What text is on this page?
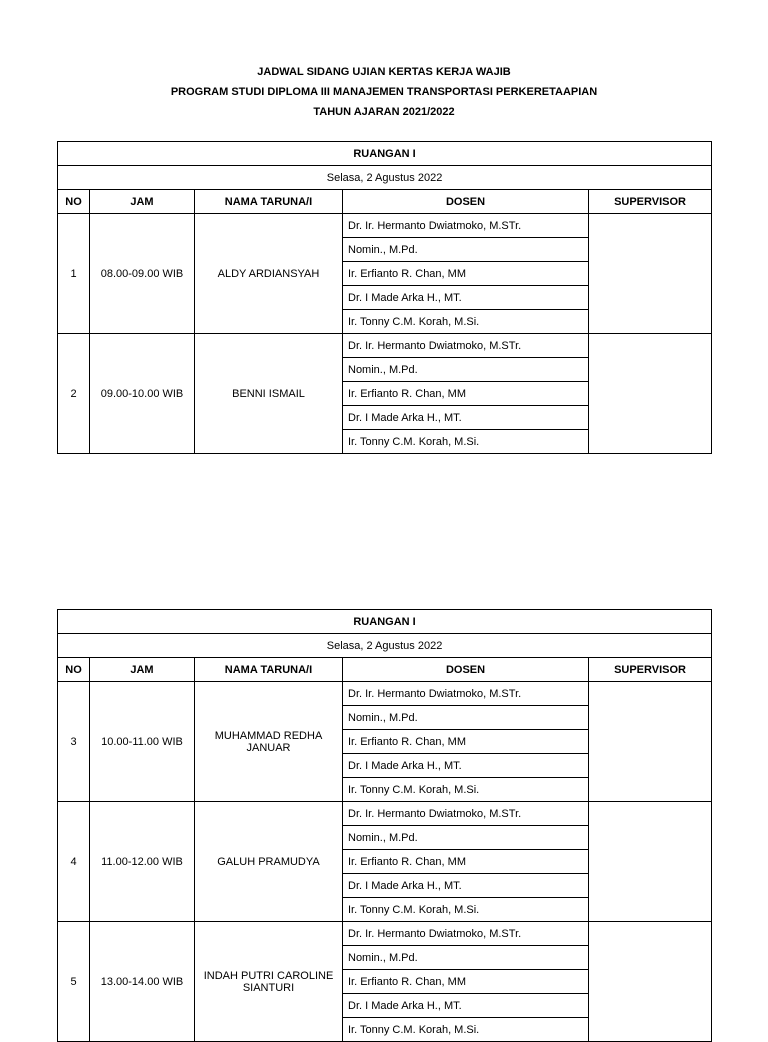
JADWAL SIDANG UJIAN KERTAS KERJA WAJIB
PROGRAM STUDI DIPLOMA III MANAJEMEN TRANSPORTASI PERKERETAAPIAN
TAHUN AJARAN 2021/2022
RUANGAN I				
Selasa, 2 Agustus 2022				
NO	JAM	NAMA TARUNA/I	DOSEN	SUPERVISOR
1	08.00-09.00 WIB	ALDY ARDIANSYAH	Dr. Ir. Hermanto Dwiatmoko, M.STr.	
			Nomin., M.Pd.	
			Ir. Erfianto R. Chan, MM	
			Dr. I Made Arka H., MT.	
			Ir. Tonny C.M. Korah, M.Si.	
2	09.00-10.00 WIB	BENNI ISMAIL	Dr. Ir. Hermanto Dwiatmoko, M.STr.	
			Nomin., M.Pd.	
			Ir. Erfianto R. Chan, MM	
			Dr. I Made Arka H., MT.	
			Ir. Tonny C.M. Korah, M.Si.	
RUANGAN I				
Selasa, 2 Agustus 2022				
NO	JAM	NAMA TARUNA/I	DOSEN	SUPERVISOR
3	10.00-11.00 WIB	MUHAMMAD REDHA JANUAR	Dr. Ir. Hermanto Dwiatmoko, M.STr.	
			Nomin., M.Pd.	
			Ir. Erfianto R. Chan, MM	
			Dr. I Made Arka H., MT.	
			Ir. Tonny C.M. Korah, M.Si.	
4	11.00-12.00 WIB	GALUH PRAMUDYA	Dr. Ir. Hermanto Dwiatmoko, M.STr.	
			Nomin., M.Pd.	
			Ir. Erfianto R. Chan, MM	
			Dr. I Made Arka H., MT.	
			Ir. Tonny C.M. Korah, M.Si.	
5	13.00-14.00 WIB	INDAH PUTRI CAROLINE SIANTURI	Dr. Ir. Hermanto Dwiatmoko, M.STr.	
			Nomin., M.Pd.	
			Ir. Erfianto R. Chan, MM	
			Dr. I Made Arka H., MT.	
			Ir. Tonny C.M. Korah, M.Si.	
